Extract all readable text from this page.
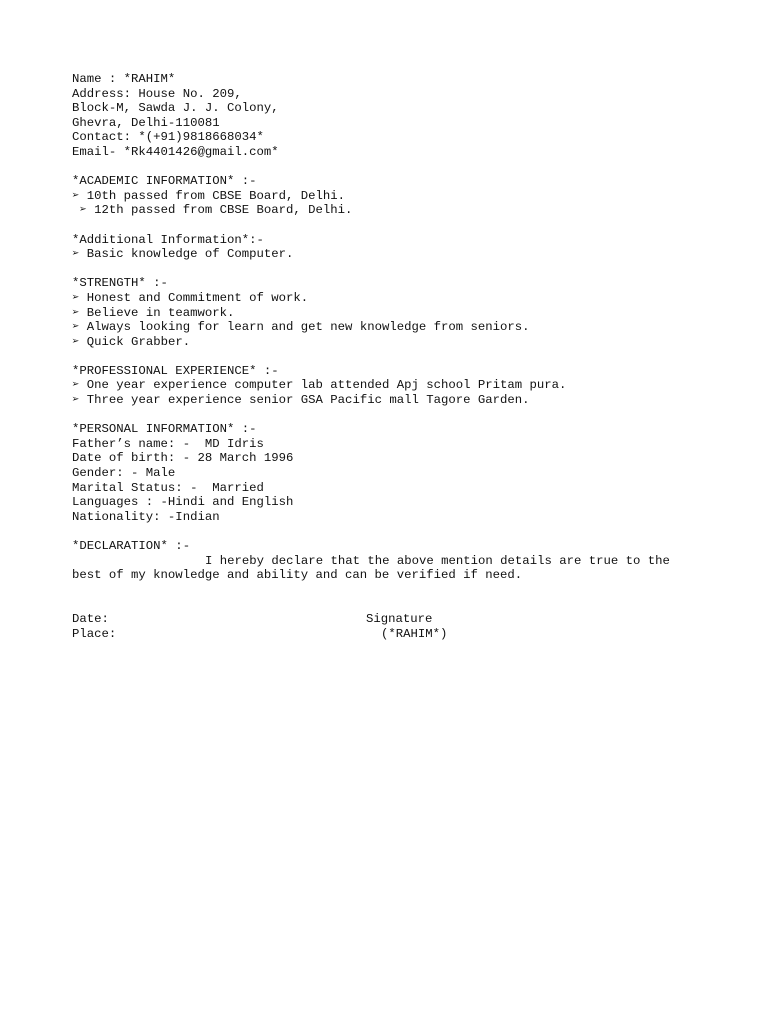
Name : *RAHIM*
Address: House No. 209,
Block-M, Sawda J. J. Colony,
Ghevra, Delhi-110081
Contact: *(+91)9818668034*
Email- *Rk4401426@gmail.com*
*ACADEMIC INFORMATION* :-
➢ 10th passed from CBSE Board, Delhi.
➢ 12th passed from CBSE Board, Delhi.
*Additional Information*:-
➢ Basic knowledge of Computer.
*STRENGTH* :-
➢ Honest and Commitment of work.
➢ Believe in teamwork.
➢ Always looking for learn and get new knowledge from seniors.
➢ Quick Grabber.
*PROFESSIONAL EXPERIENCE* :-
➢ One year experience computer lab attended Apj school Pritam pura.
➢ Three year experience senior GSA Pacific mall Tagore Garden.
*PERSONAL INFORMATION* :-
Father’s name: -  MD Idris
Date of birth: - 28 March 1996
Gender: - Male
Marital Status: -  Married
Languages : -Hindi and English
Nationality: -Indian
*DECLARATION* :-
I hereby declare that the above mention details are true to the best of my knowledge and ability and can be verified if need.
Date:	Signature
Place:	(*RAHIM*)
